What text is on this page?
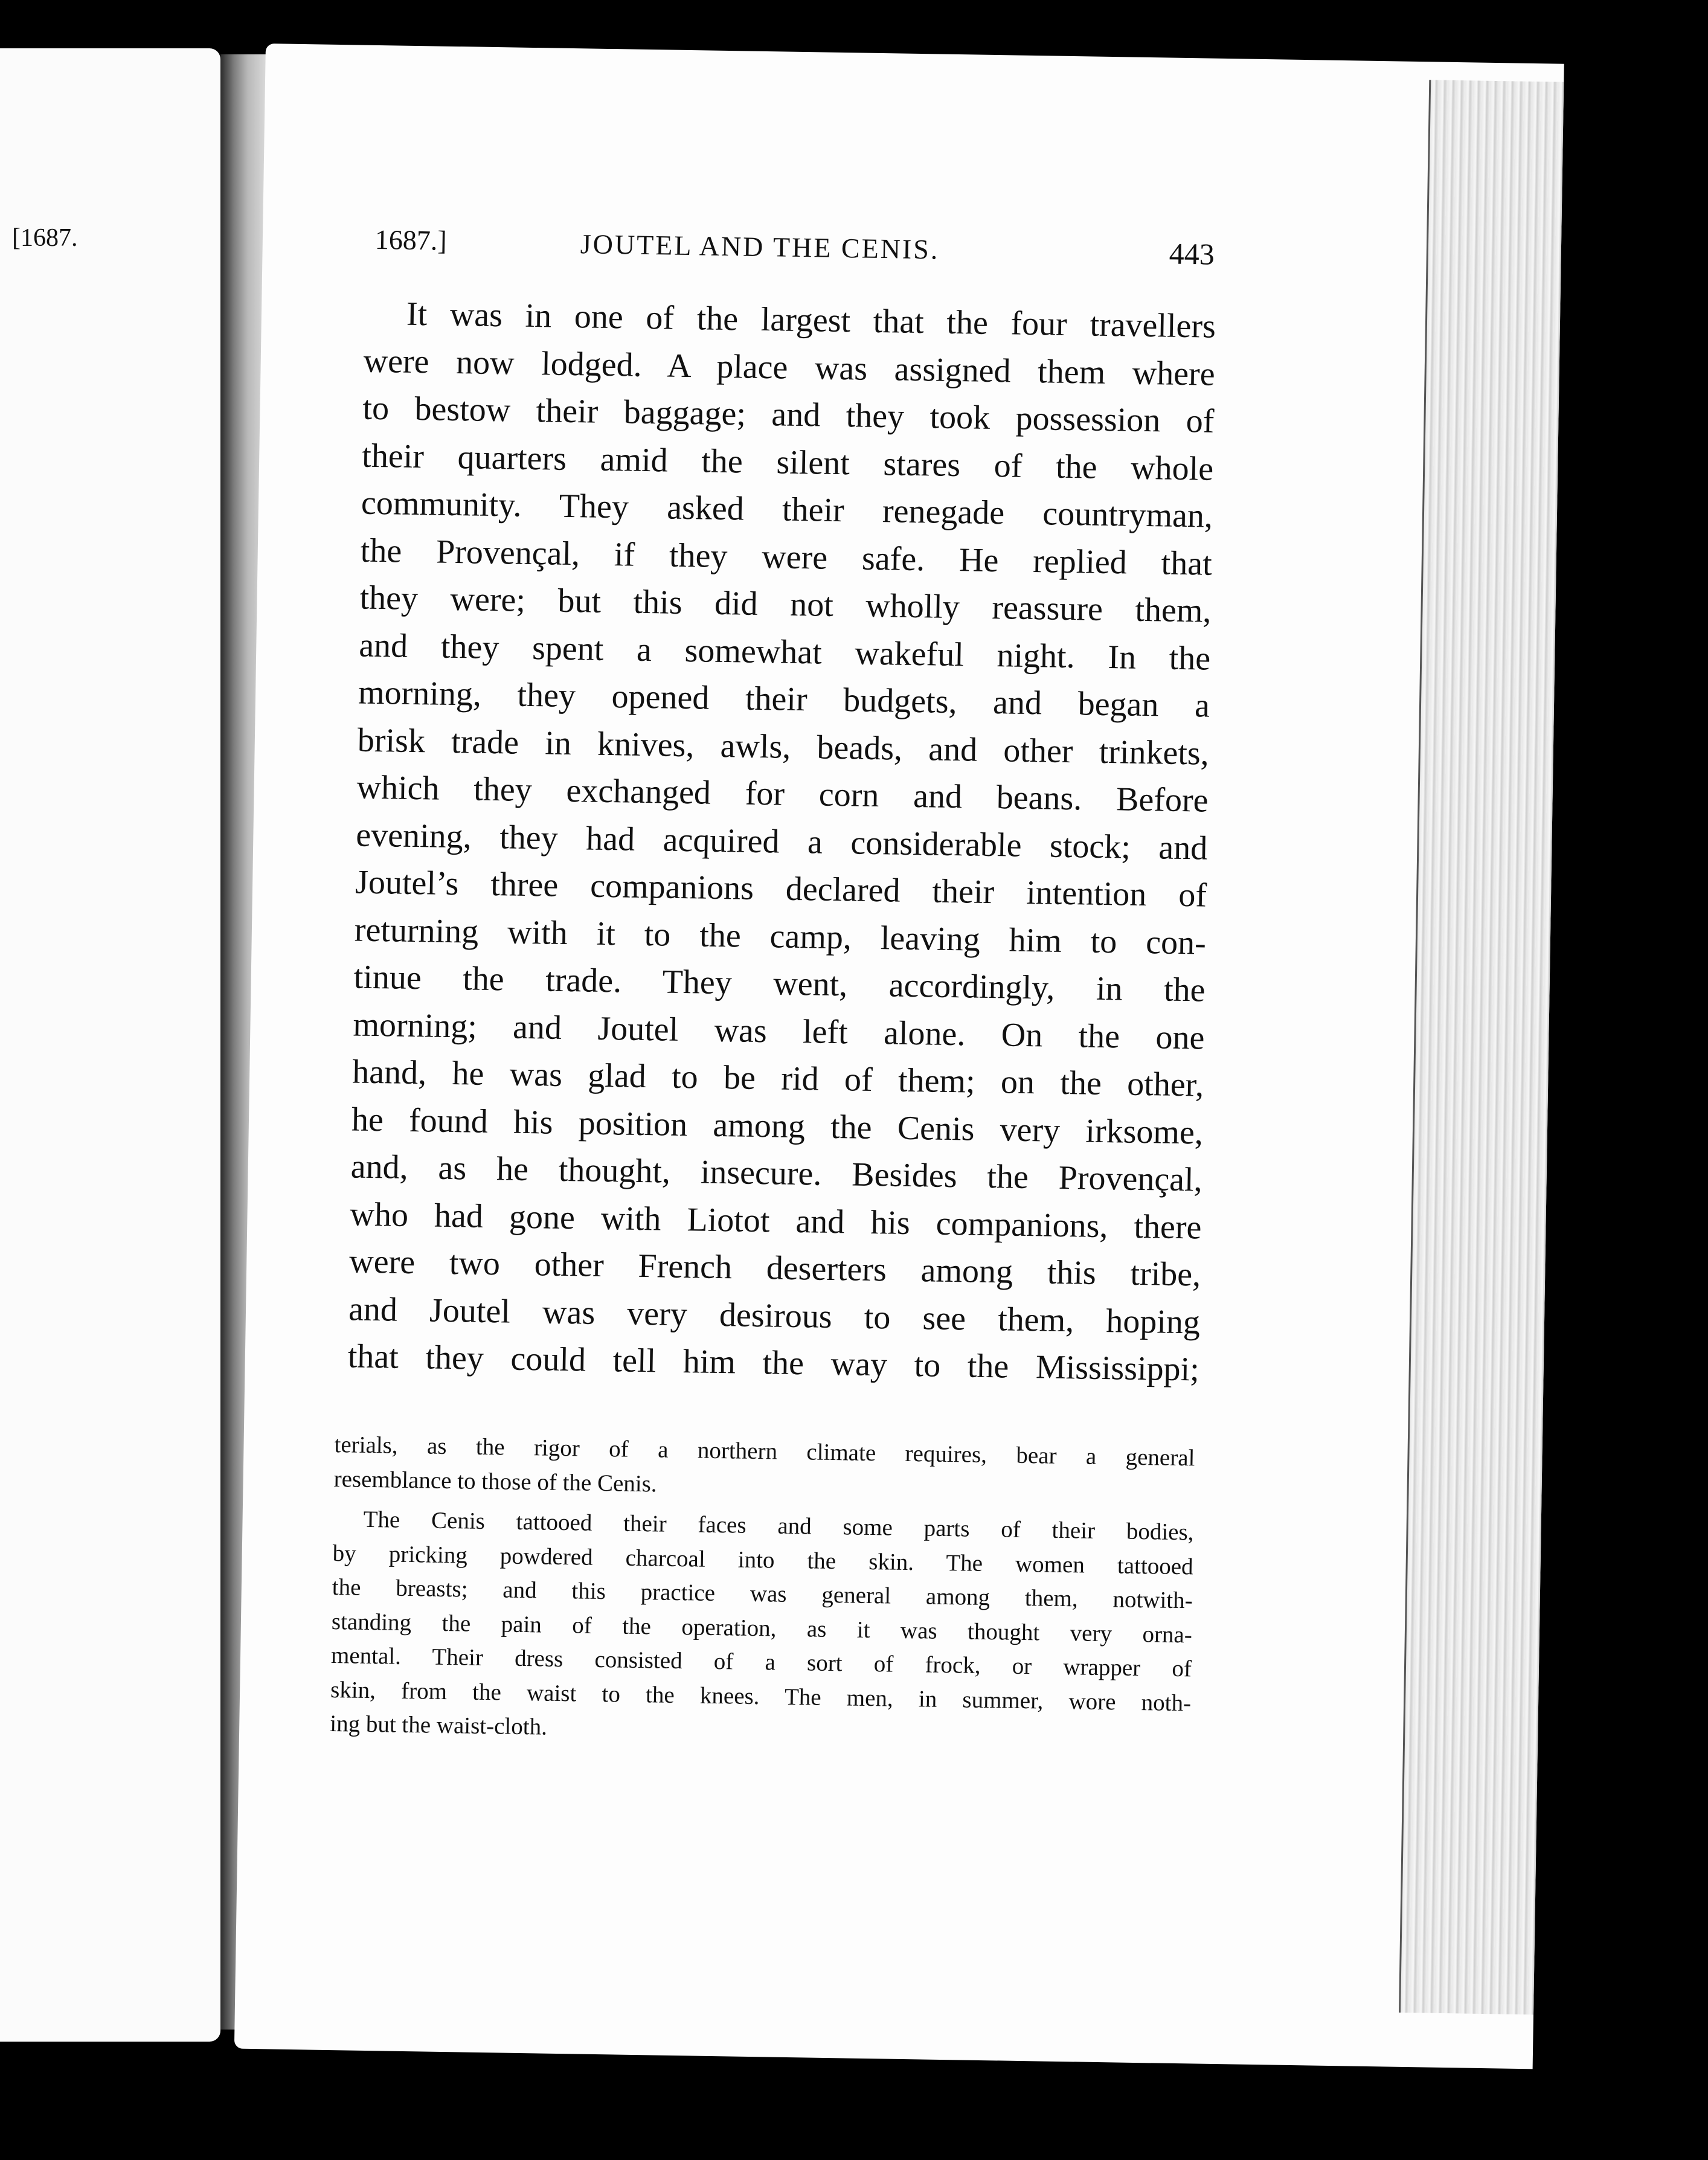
[1687.	1687.]	JOUTEL AND THE CENIS.	443
It was in one of the largest that the four travellers
were now lodged. A place was assigned them where
to bestow their baggage; and they took possession of
their quarters amid the silent stares of the whole
community. They asked their renegade countryman,
the Provençal, if they were safe. He replied that
they were; but this did not wholly reassure them,
and they spent a somewhat wakeful night. In the
morning, they opened their budgets, and began a
brisk trade in knives, awls, beads, and other trinkets,
which they exchanged for corn and beans. Before
evening, they had acquired a considerable stock; and
Joutel’s three companions declared their intention of
returning with it to the camp, leaving him to con-
tinue the trade. They went, accordingly, in the
morning; and Joutel was left alone. On the one
hand, he was glad to be rid of them; on the other,
he found his position among the Cenis very irksome,
and, as he thought, insecure. Besides the Provençal,
who had gone with Liotot and his companions, there
were two other French deserters among this tribe,
and Joutel was very desirous to see them, hoping
that they could tell him the way to the Mississippi;
terials, as the rigor of a northern climate requires, bear a general
resemblance to those of the Cenis.
The Cenis tattooed their faces and some parts of their bodies,
by pricking powdered charcoal into the skin. The women tattooed
the breasts; and this practice was general among them, notwith-
standing the pain of the operation, as it was thought very orna-
mental. Their dress consisted of a sort of frock, or wrapper of
skin, from the waist to the knees. The men, in summer, wore noth-
ing but the waist-cloth.
